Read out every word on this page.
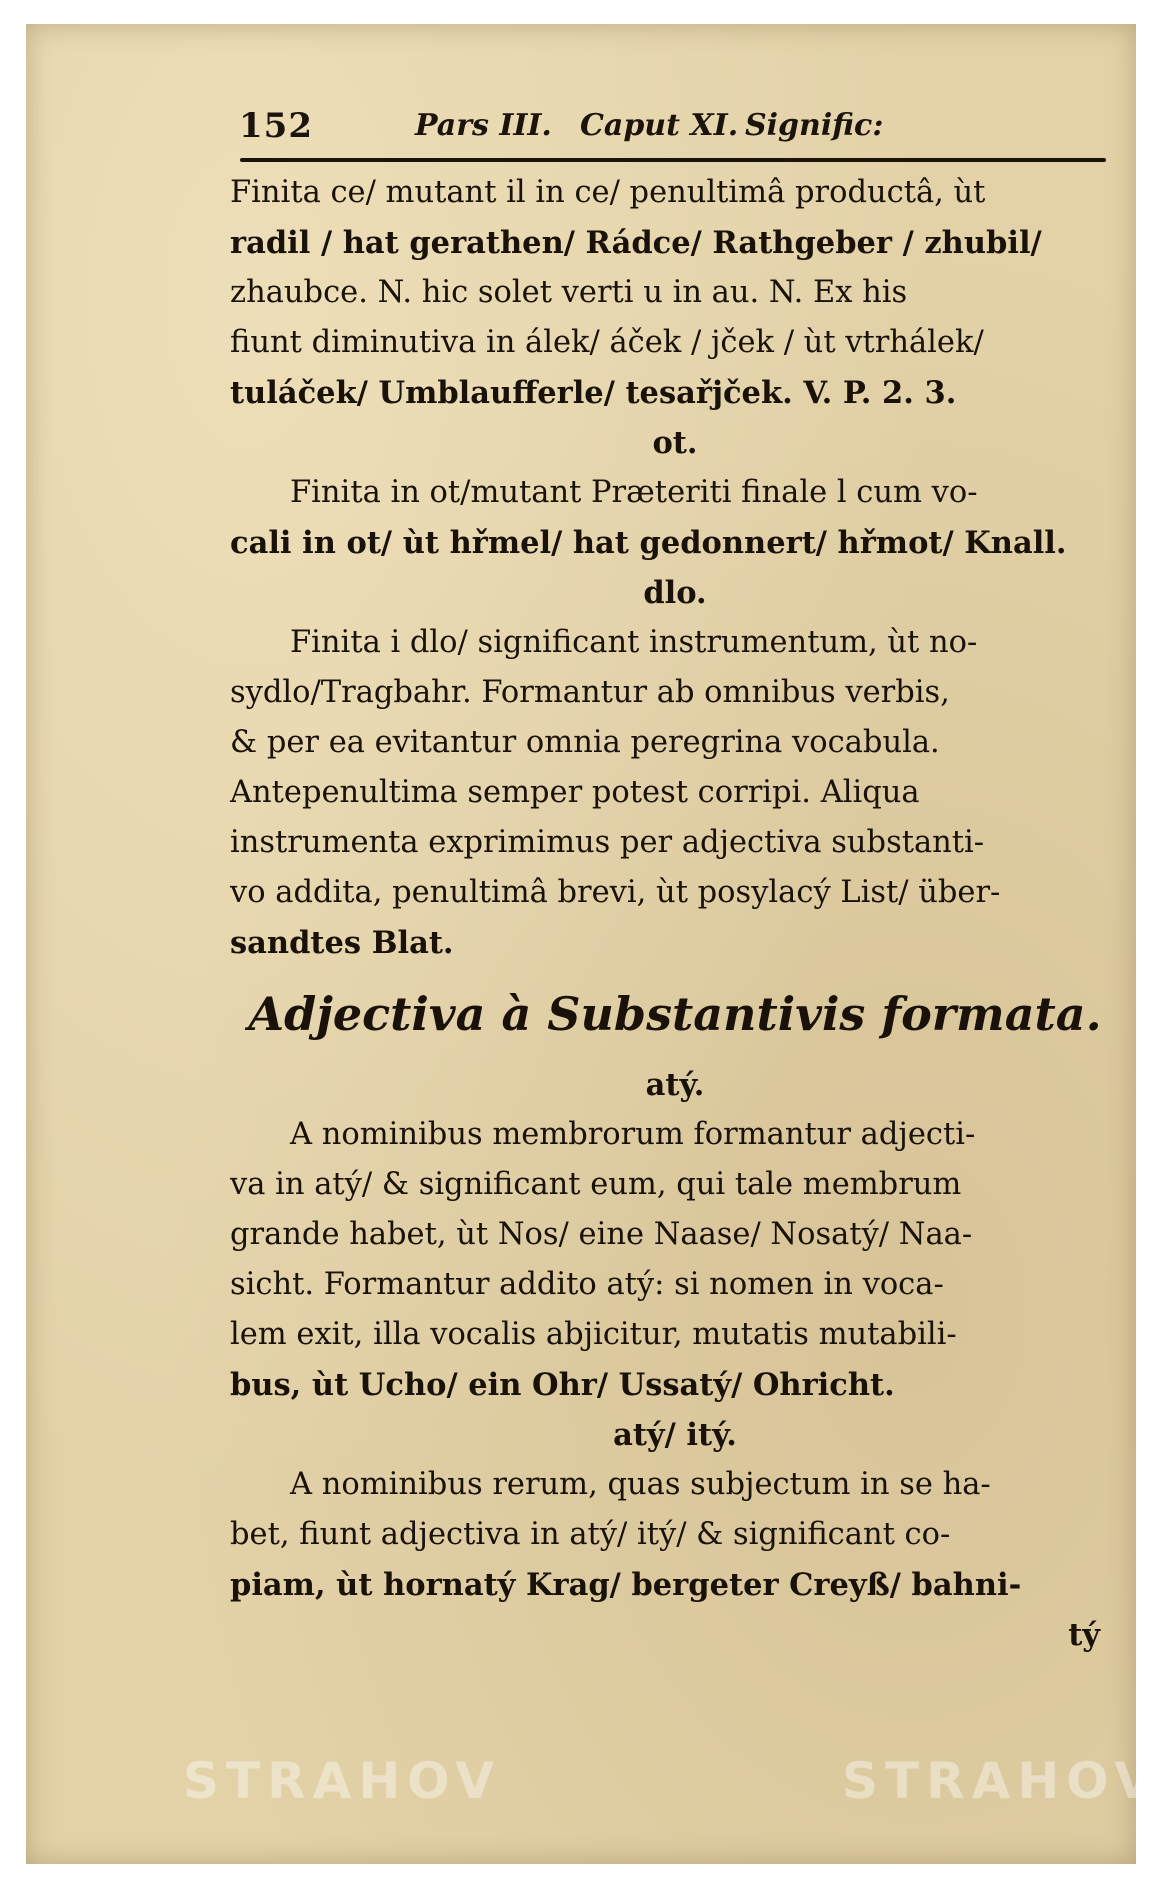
152	Pars III. Caput XI. Signific:
Finita ce/ mutant il in ce/ penultimâ productâ, ùt
radil / hat gerathen/ Rádce/ Rathgeber / zhubil/
zhaubce. N. hic solet verti u in au. N. Ex his
fiunt diminutiva in álek/ áček / jček / ùt vtrhálek/
tuláček/ Umblaufferle/ tesařjček. V. P. 2. 3.
ot.
Finita in ot/mutant Præteriti finale l cum vo-
cali in ot/ ùt hřmel/ hat gedonnert/ hřmot/ Knall.
dlo.
Finita i dlo/ significant instrumentum, ùt no-
sydlo/Tragbahr. Formantur ab omnibus verbis,
& per ea evitantur omnia peregrina vocabula.
Antepenultima semper potest corripi. Aliqua
instrumenta exprimimus per adjectiva substanti-
vo addita, penultimâ brevi, ùt posylacý List/ über-
sandtes Blat.
Adjectiva à Substantivis formata.
atý.
A nominibus membrorum formantur adjecti-
va in atý/ & significant eum, qui tale membrum
grande habet, ùt Nos/ eine Naase/ Nosatý/ Naa-
sicht. Formantur addito atý: si nomen in voca-
lem exit, illa vocalis abjicitur, mutatis mutabili-
bus, ùt Ucho/ ein Ohr/ Ussatý/ Ohricht.
atý/ itý.
A nominibus rerum, quas subjectum in se ha-
bet, fiunt adjectiva in atý/ itý/ & significant co-
piam, ùt hornatý Krag/ bergeter Creyß/ bahni-
tý
STRAHOV	STRAHOV
